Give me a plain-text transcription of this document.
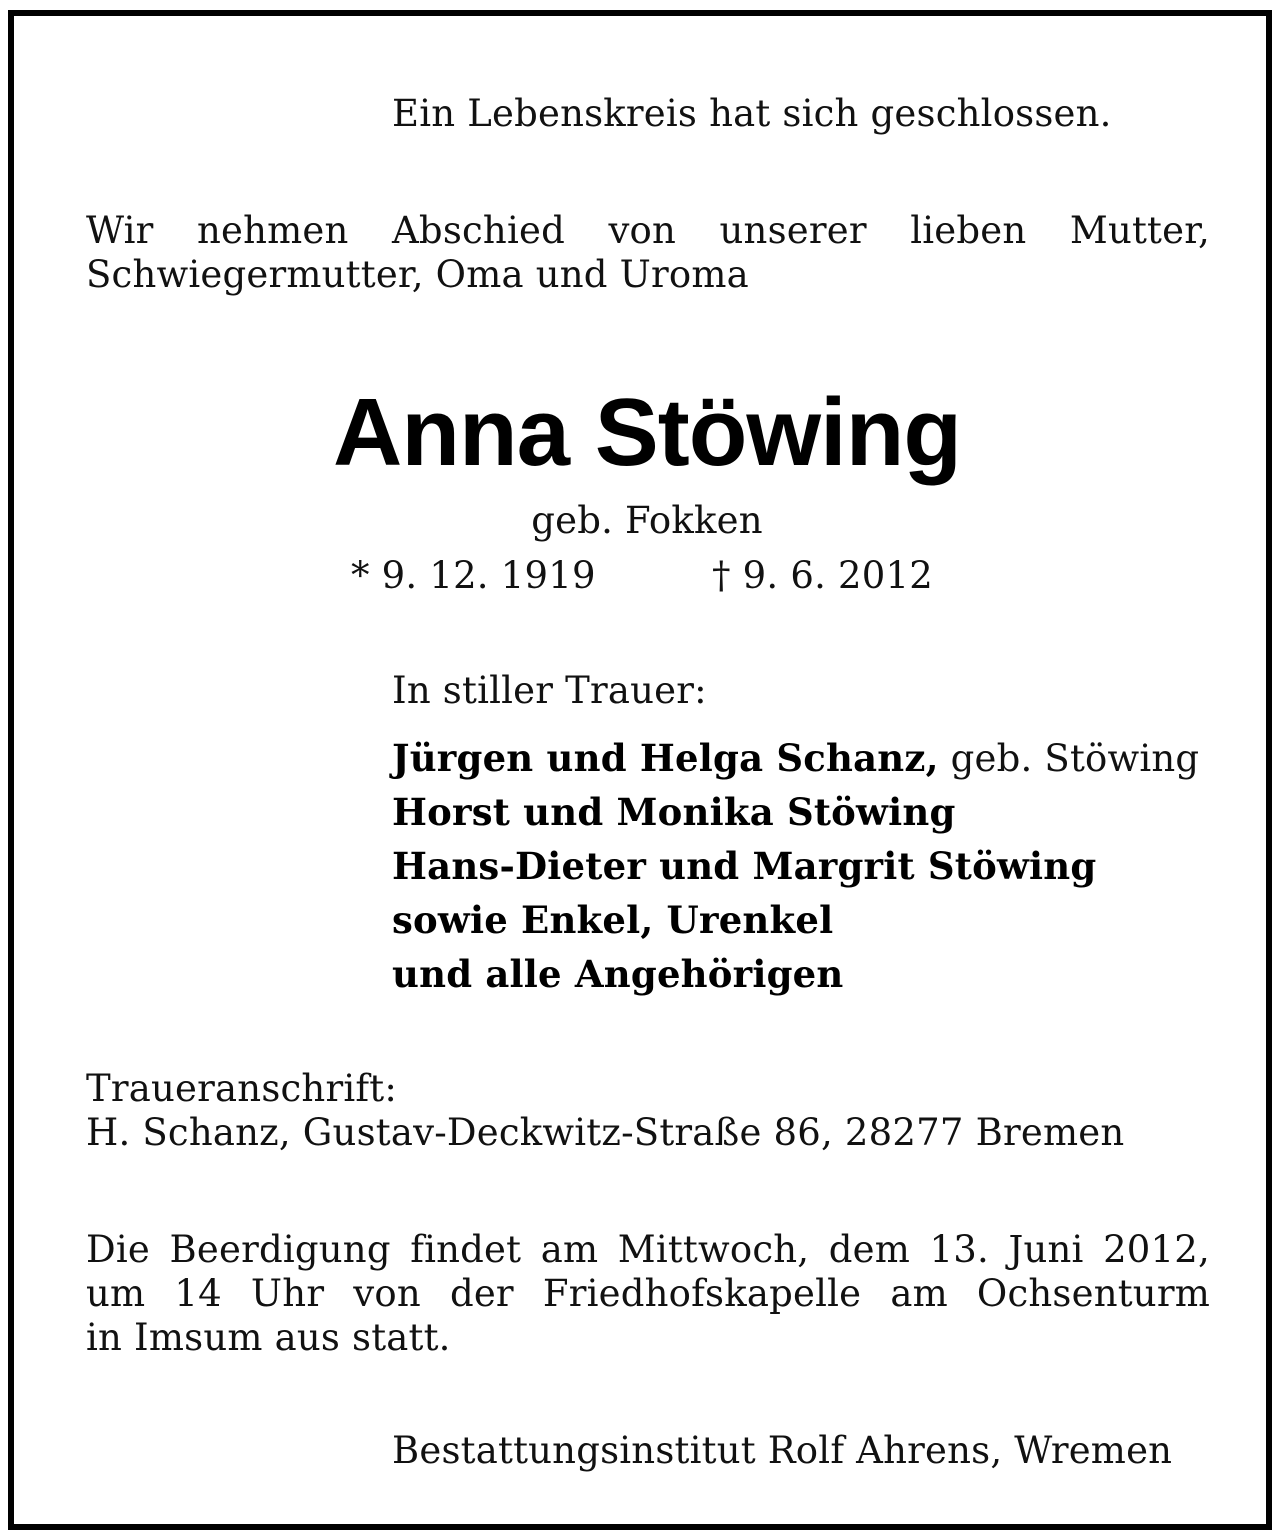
Ein Lebenskreis hat sich geschlossen.
Wir nehmen Abschied von unserer lieben Mutter,
Schwiegermutter, Oma und Uroma
Anna Stöwing
geb. Fokken
* 9. 12. 1919	† 9. 6. 2012
In stiller Trauer:
Jürgen und Helga Schanz, geb. Stöwing
Horst und Monika Stöwing
Hans-Dieter und Margrit Stöwing
sowie Enkel, Urenkel
und alle Angehörigen
Traueranschrift:
H. Schanz, Gustav-Deckwitz-Straße 86, 28277 Bremen
Die Beerdigung findet am Mittwoch, dem 13. Juni 2012,
um 14 Uhr von der Friedhofskapelle am Ochsenturm
in Imsum aus statt.
Bestattungsinstitut Rolf Ahrens, Wremen
